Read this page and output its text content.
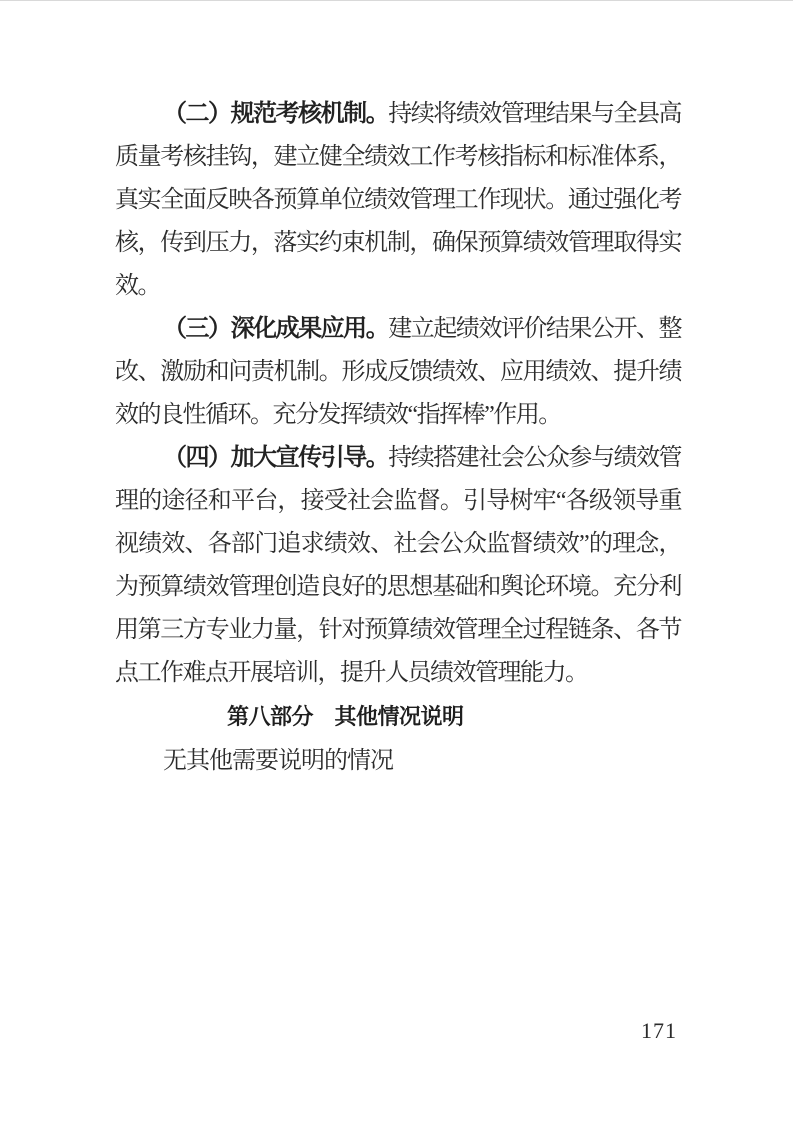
（二）规范考核机制。持续将绩效管理结果与全县高质量考核挂钩，建立健全绩效工作考核指标和标准体系，真实全面反映各预算单位绩效管理工作现状。通过强化考核，传到压力，落实约束机制，确保预算绩效管理取得实效。

（三）深化成果应用。建立起绩效评价结果公开、整改、激励和问责机制。形成反馈绩效、应用绩效、提升绩效的良性循环。充分发挥绩效“指挥棒”作用。

（四）加大宣传引导。持续搭建社会公众参与绩效管理的途径和平台，接受社会监督。引导树牢“各级领导重视绩效、各部门追求绩效、社会公众监督绩效”的理念，为预算绩效管理创造良好的思想基础和舆论环境。充分利用第三方专业力量，针对预算绩效管理全过程链条、各节点工作难点开展培训，提升人员绩效管理能力。

第八部分　其他情况说明

无其他需要说明的情况

171
